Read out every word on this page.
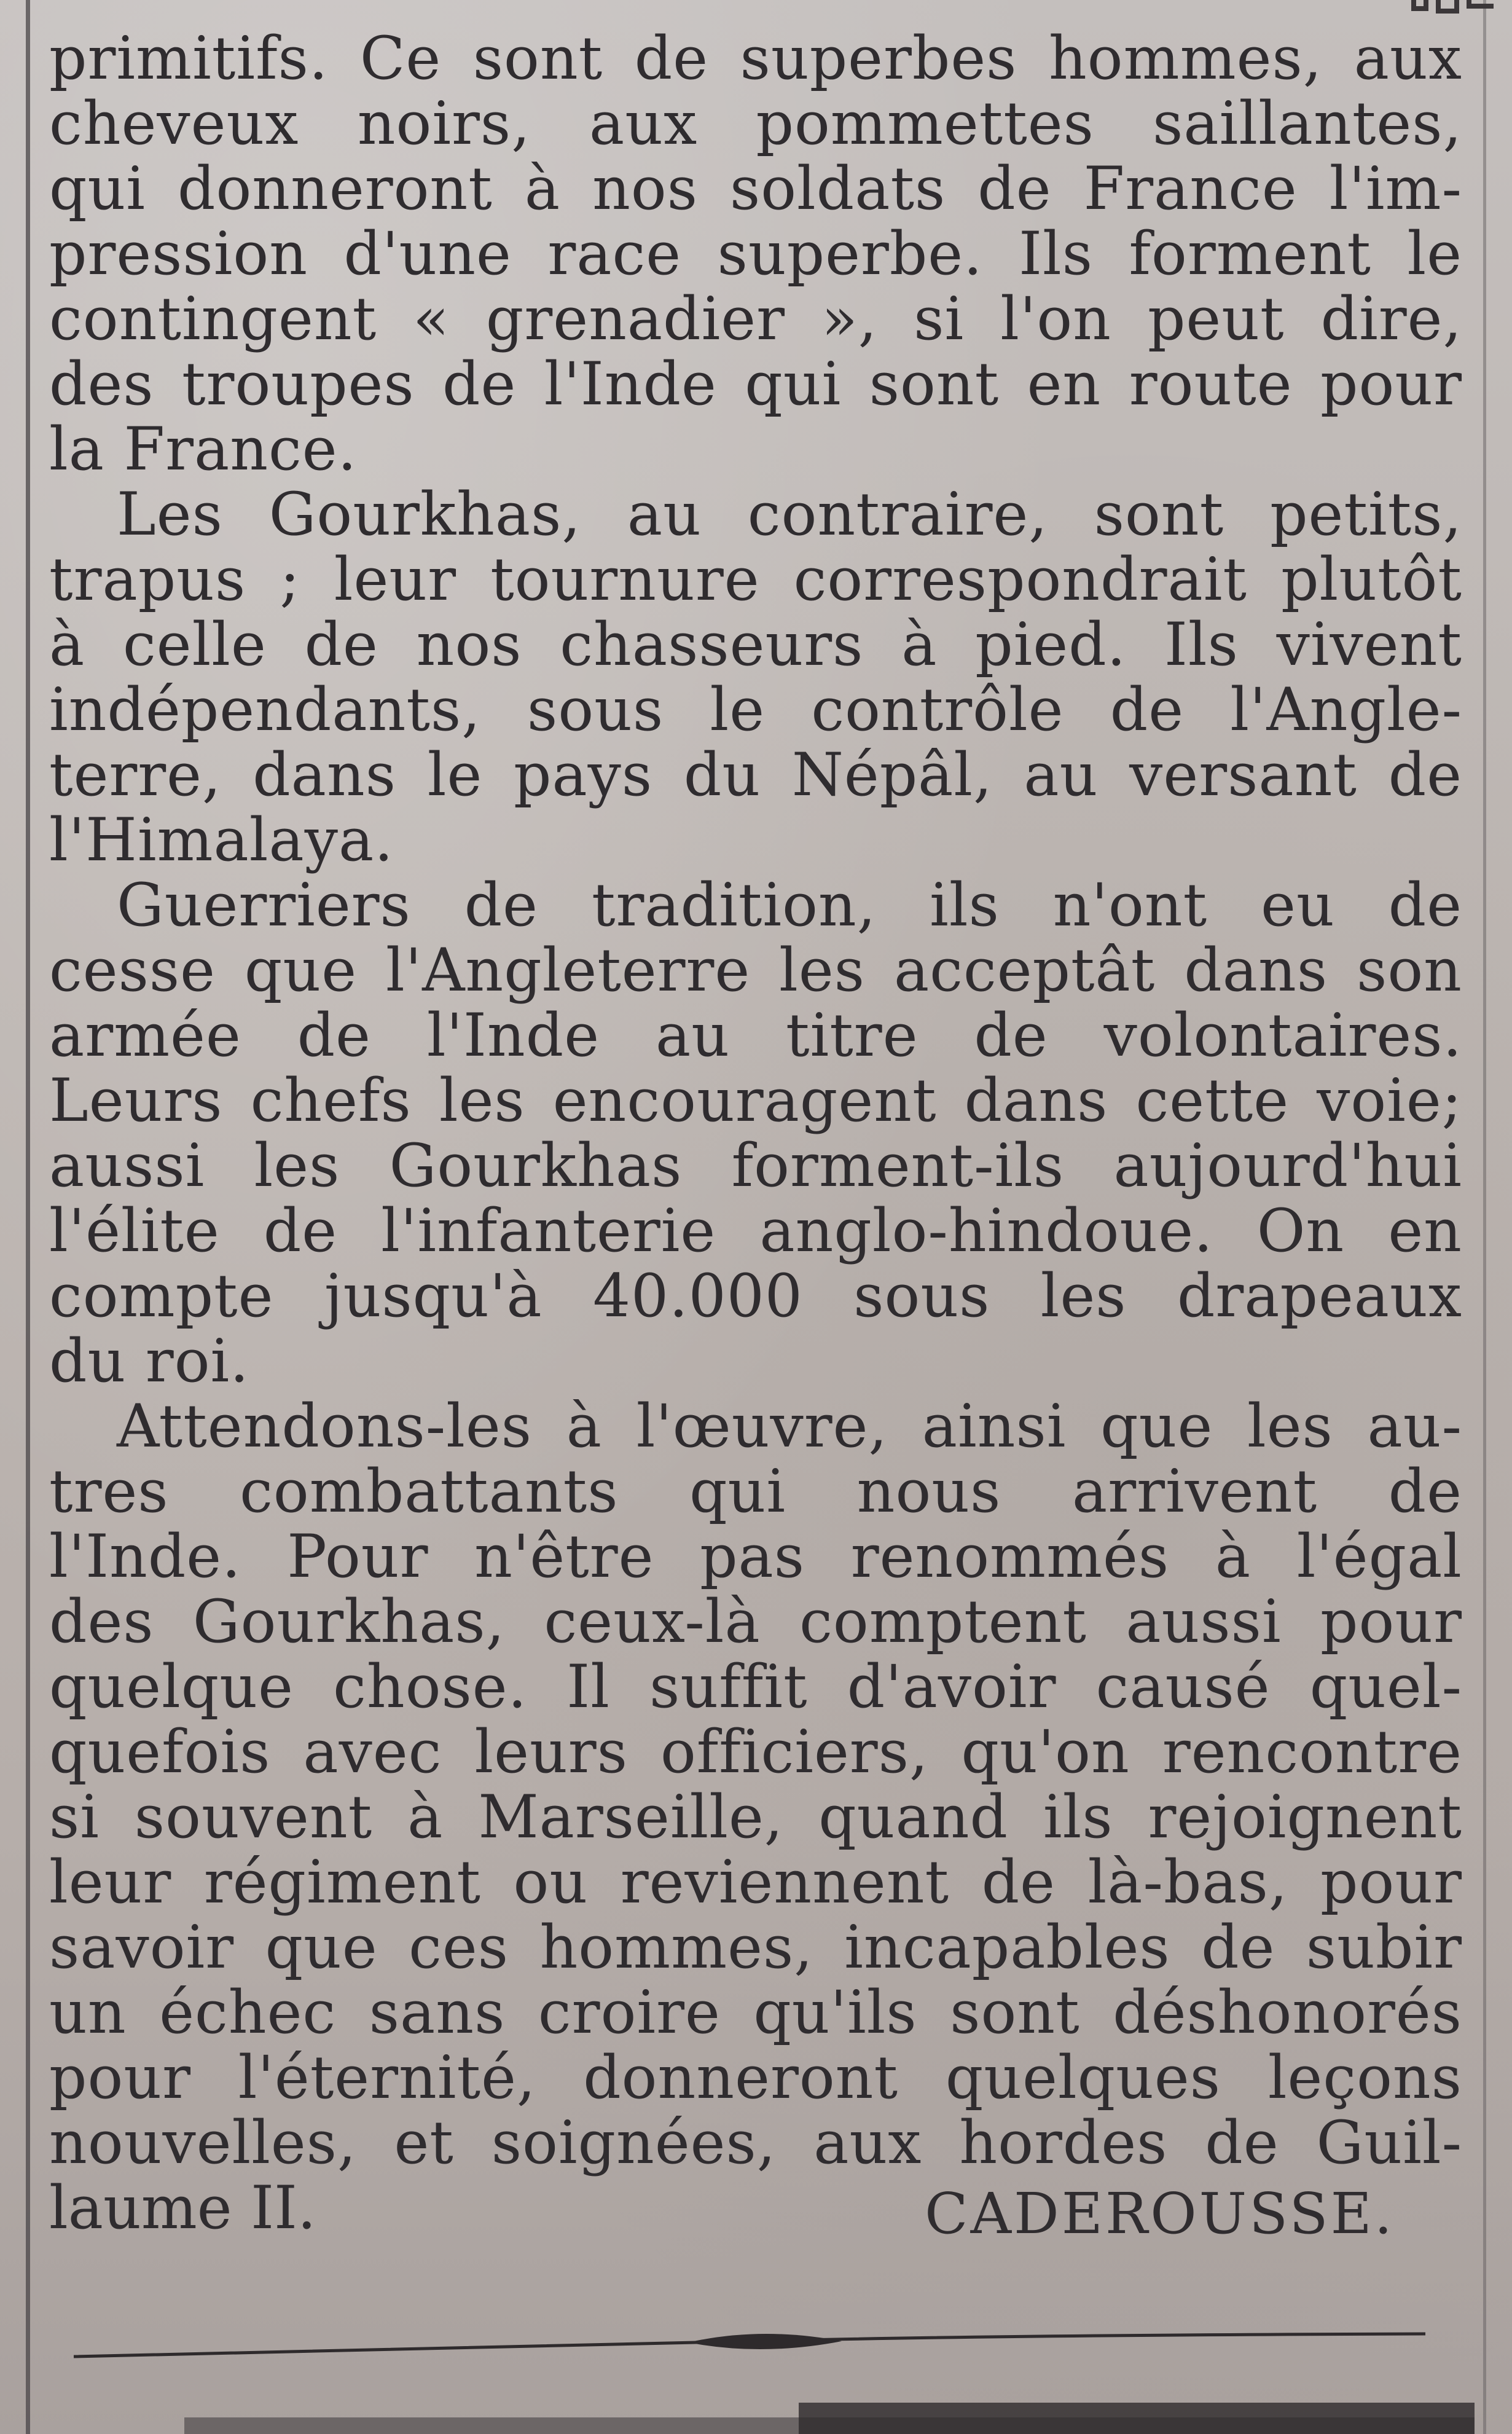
primitifs. Ce sont de superbes hommes, aux
cheveux noirs, aux pommettes saillantes,
qui donneront à nos soldats de France l'im-
pression d'une race superbe. Ils forment le
contingent « grenadier », si l'on peut dire,
des troupes de l'Inde qui sont en route pour
la France.
Les Gourkhas, au contraire, sont petits,
trapus ; leur tournure correspondrait plutôt
à celle de nos chasseurs à pied. Ils vivent
indépendants, sous le contrôle de l'Angle-
terre, dans le pays du Népâl, au versant de
l'Himalaya.
Guerriers de tradition, ils n'ont eu de
cesse que l'Angleterre les acceptât dans son
armée de l'Inde au titre de volontaires.
Leurs chefs les encouragent dans cette voie;
aussi les Gourkhas forment-ils aujourd'hui
l'élite de l'infanterie anglo-hindoue. On en
compte jusqu'à 40.000 sous les drapeaux
du roi.
Attendons-les à l'œuvre, ainsi que les au-
tres combattants qui nous arrivent de
l'Inde. Pour n'être pas renommés à l'égal
des Gourkhas, ceux-là comptent aussi pour
quelque chose. Il suffit d'avoir causé quel-
quefois avec leurs officiers, qu'on rencontre
si souvent à Marseille, quand ils rejoignent
leur régiment ou reviennent de là-bas, pour
savoir que ces hommes, incapables de subir
un échec sans croire qu'ils sont déshonorés
pour l'éternité, donneront quelques leçons
nouvelles, et soignées, aux hordes de Guil-
laume II.	CADEROUSSE.
